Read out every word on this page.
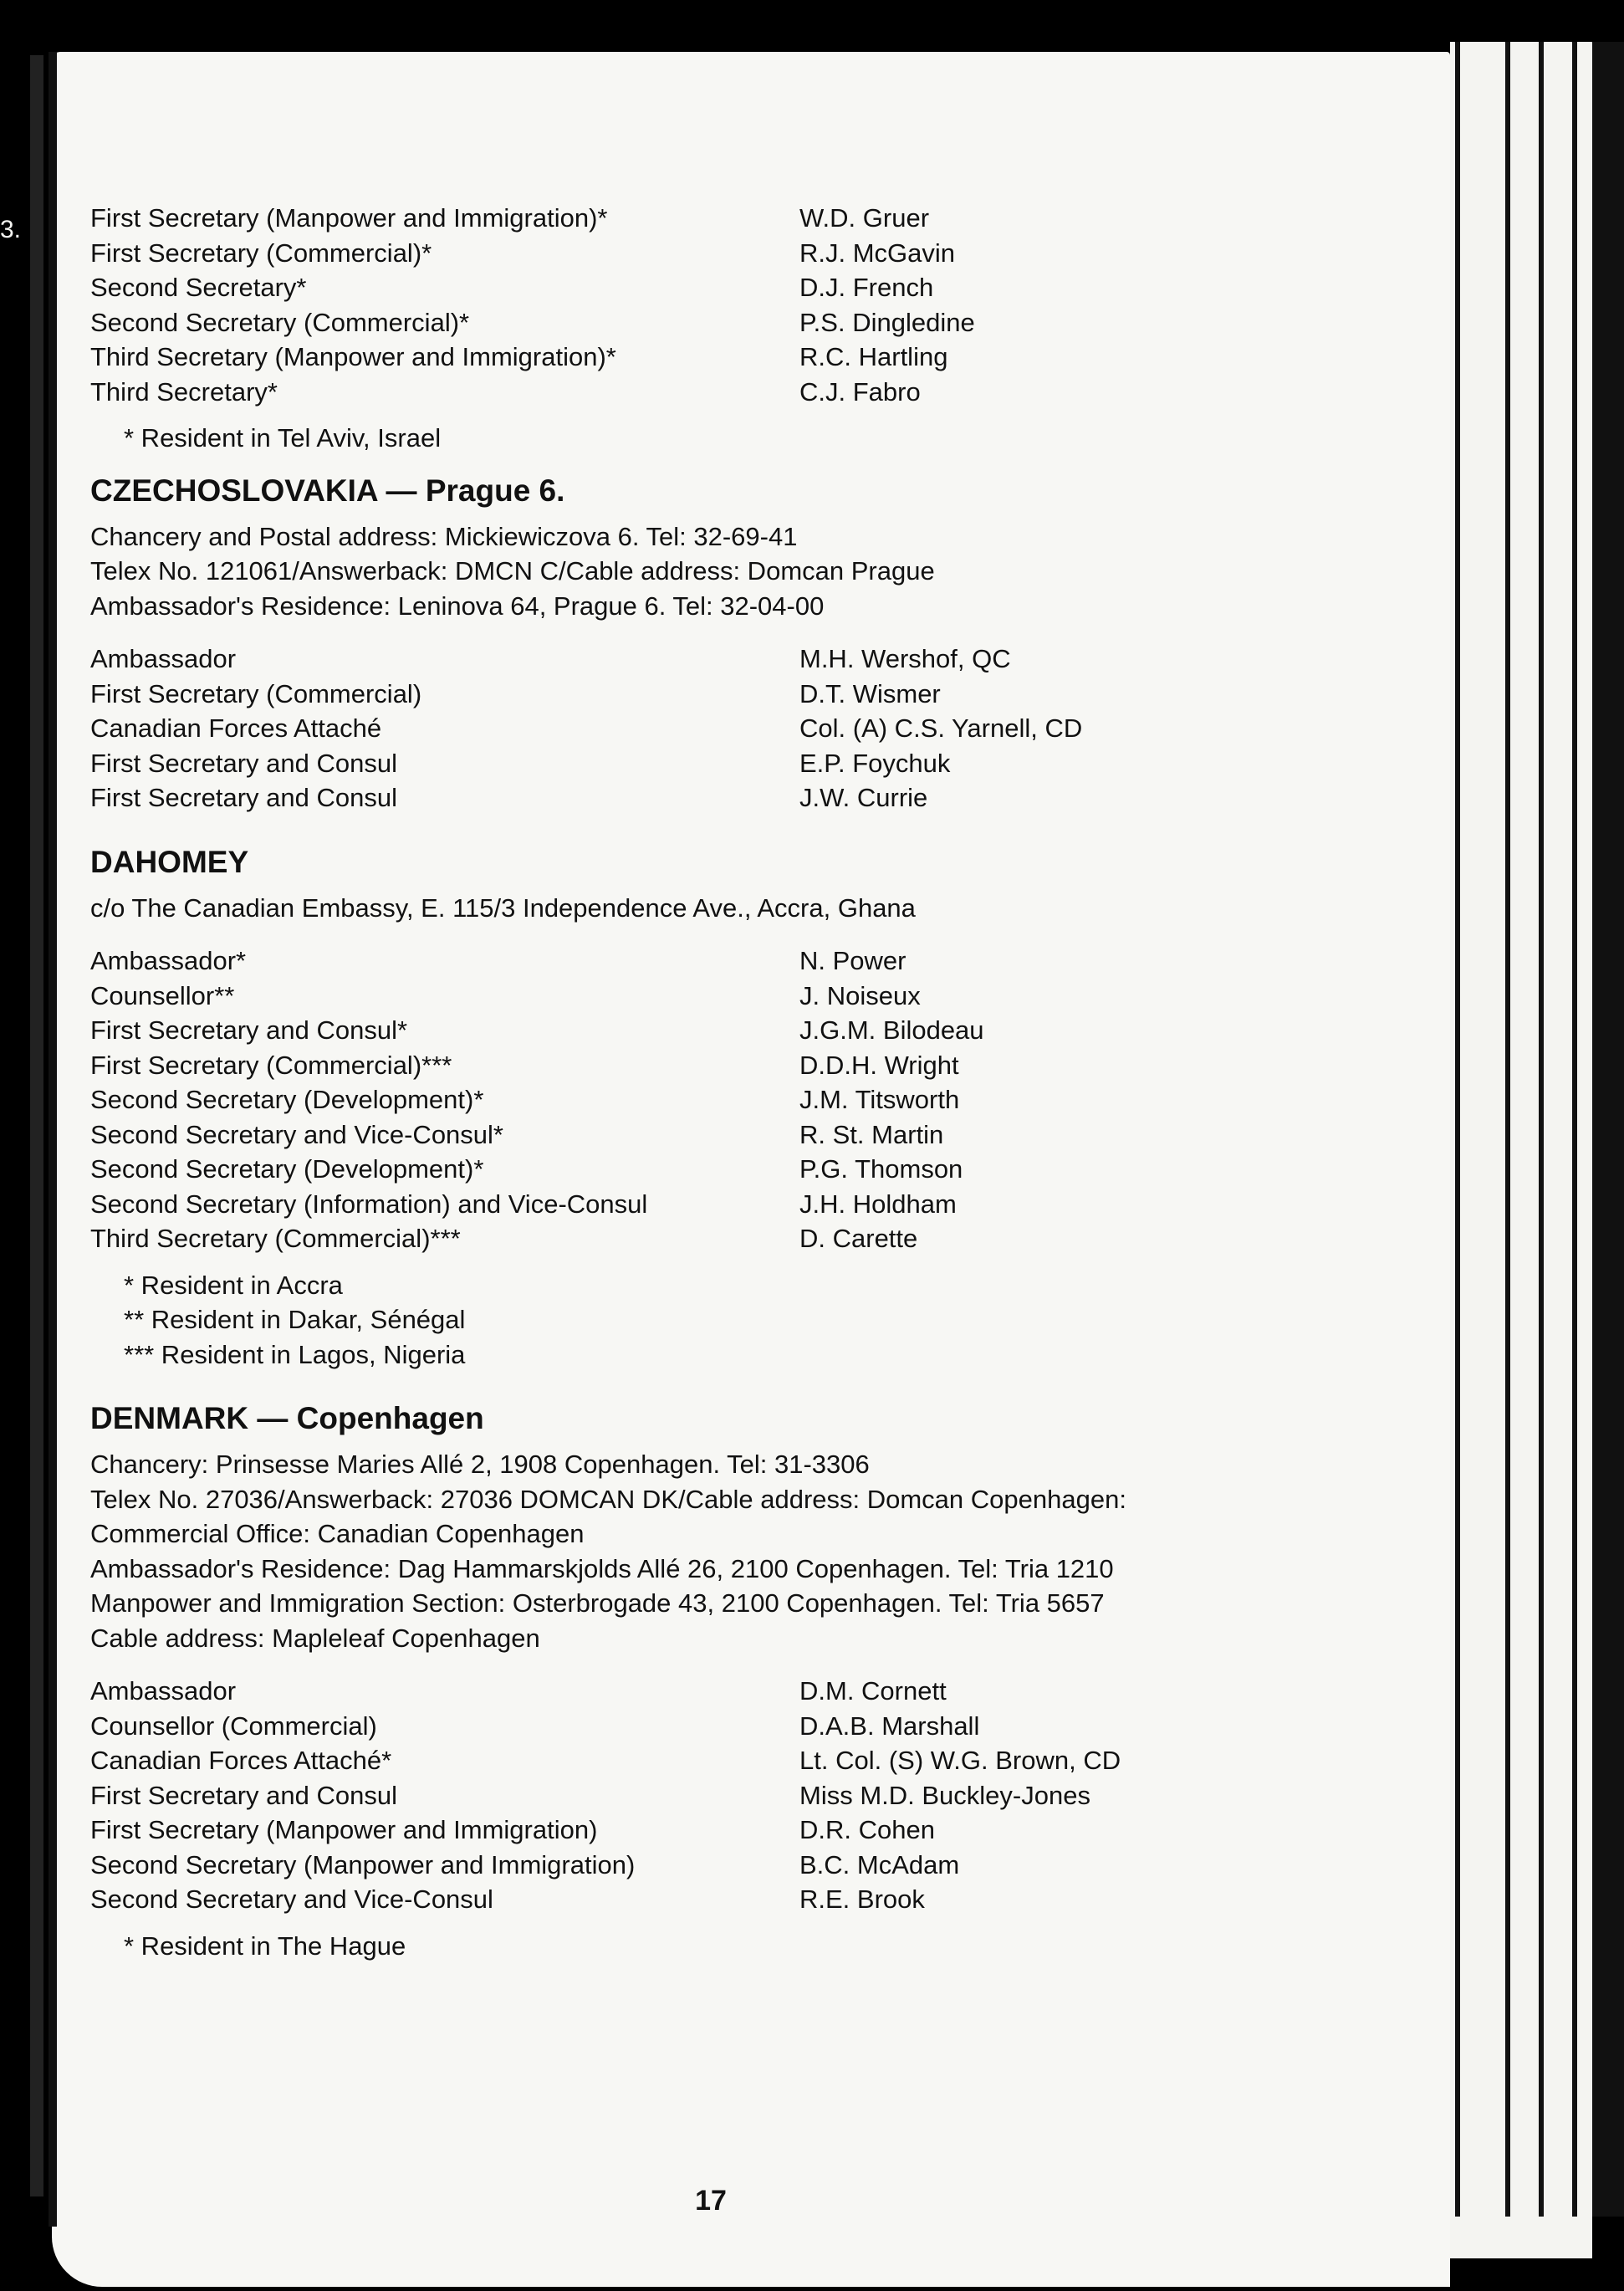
3.	First Secretary (Manpower and Immigration)*	W.D. Gruer
First Secretary (Commercial)*	R.J. McGavin
Second Secretary*	D.J. French
Second Secretary (Commercial)*	P.S. Dingledine
Third Secretary (Manpower and Immigration)*	R.C. Hartling
Third Secretary*	C.J. Fabro
* Resident in Tel Aviv, Israel
CZECHOSLOVAKIA — Prague 6.
Chancery and Postal address: Mickiewiczova 6. Tel: 32-69-41
Telex No. 121061/Answerback: DMCN C/Cable address: Domcan Prague
Ambassador's Residence: Leninova 64, Prague 6. Tel: 32-04-00
Ambassador	M.H. Wershof, QC
First Secretary (Commercial)	D.T. Wismer
Canadian Forces Attaché	Col. (A) C.S. Yarnell, CD
First Secretary and Consul	E.P. Foychuk
First Secretary and Consul	J.W. Currie
DAHOMEY
c/o The Canadian Embassy, E. 115/3 Independence Ave., Accra, Ghana
Ambassador*	N. Power
Counsellor**	J. Noiseux
First Secretary and Consul*	J.G.M. Bilodeau
First Secretary (Commercial)***	D.D.H. Wright
Second Secretary (Development)*	J.M. Titsworth
Second Secretary and Vice-Consul*	R. St. Martin
Second Secretary (Development)*	P.G. Thomson
Second Secretary (Information) and Vice-Consul	J.H. Holdham
Third Secretary (Commercial)***	D. Carette
* Resident in Accra
** Resident in Dakar, Sénégal
*** Resident in Lagos, Nigeria
DENMARK — Copenhagen
Chancery: Prinsesse Maries Allé 2, 1908 Copenhagen. Tel: 31-3306
Telex No. 27036/Answerback: 27036 DOMCAN DK/Cable address: Domcan Copenhagen:
Commercial Office: Canadian Copenhagen
Ambassador's Residence: Dag Hammarskjolds Allé 26, 2100 Copenhagen. Tel: Tria 1210
Manpower and Immigration Section: Osterbrogade 43, 2100 Copenhagen. Tel: Tria 5657
Cable address: Mapleleaf Copenhagen
Ambassador	D.M. Cornett
Counsellor (Commercial)	D.A.B. Marshall
Canadian Forces Attaché*	Lt. Col. (S) W.G. Brown, CD
First Secretary and Consul	Miss M.D. Buckley-Jones
First Secretary (Manpower and Immigration)	D.R. Cohen
Second Secretary (Manpower and Immigration)	B.C. McAdam
Second Secretary and Vice-Consul	R.E. Brook
* Resident in The Hague
17
